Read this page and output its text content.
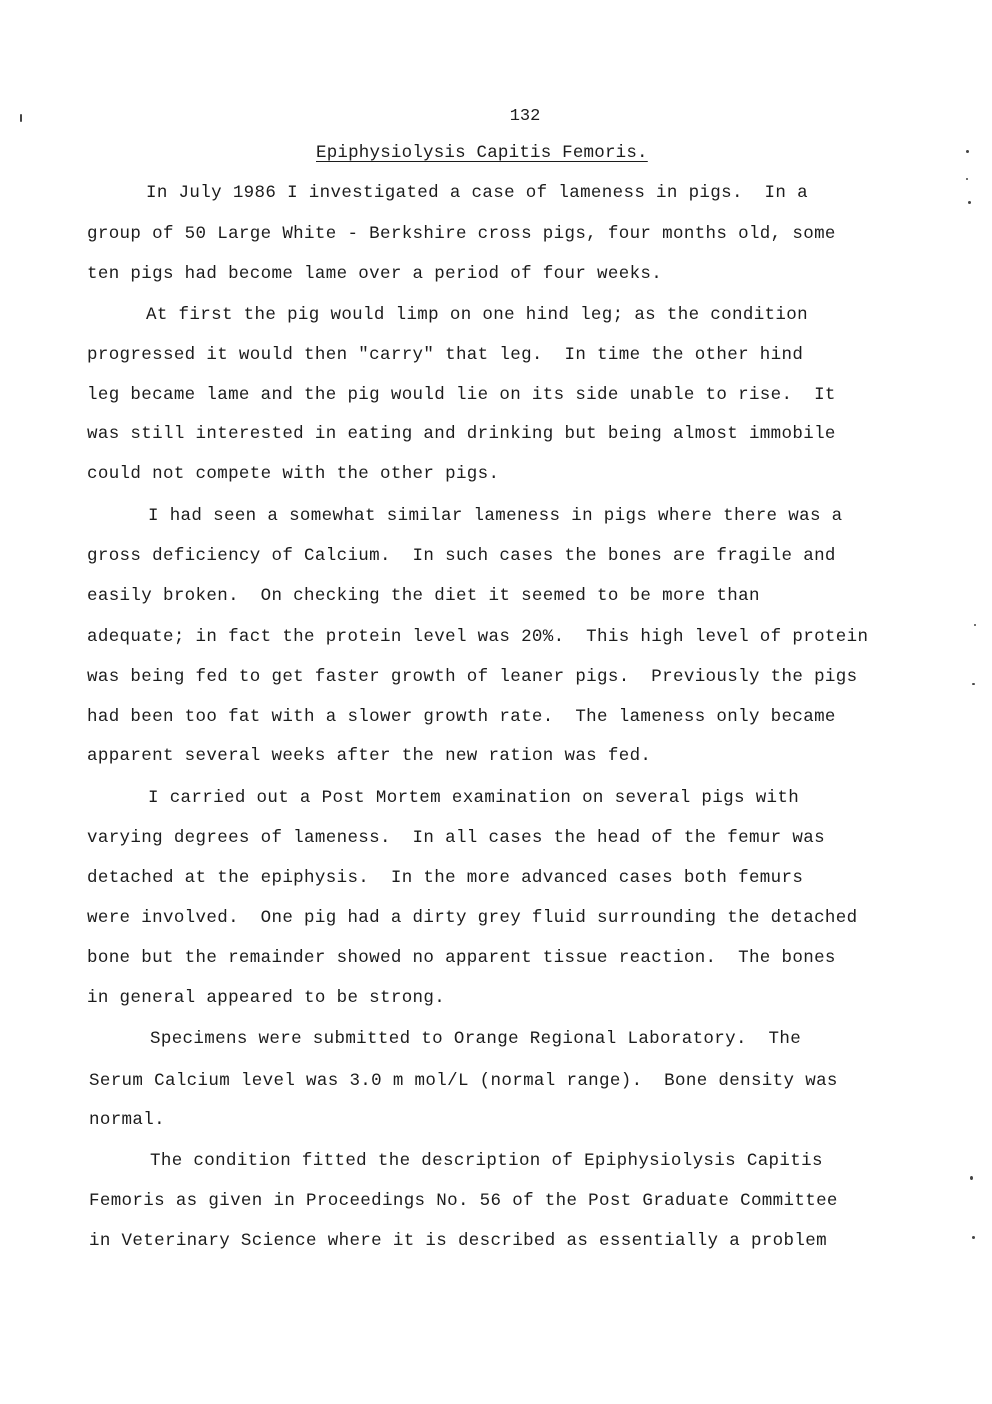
132
Epiphysiolysis Capitis Femoris.
In July 1986 I investigated a case of lameness in pigs.  In a
group of 50 Large White - Berkshire cross pigs, four months old, some
ten pigs had become lame over a period of four weeks.
At first the pig would limp on one hind leg; as the condition
progressed it would then "carry" that leg.  In time the other hind
leg became lame and the pig would lie on its side unable to rise.  It
was still interested in eating and drinking but being almost immobile
could not compete with the other pigs.
I had seen a somewhat similar lameness in pigs where there was a
gross deficiency of Calcium.  In such cases the bones are fragile and
easily broken.  On checking the diet it seemed to be more than
adequate; in fact the protein level was 20%.  This high level of protein
was being fed to get faster growth of leaner pigs.  Previously the pigs
had been too fat with a slower growth rate.  The lameness only became
apparent several weeks after the new ration was fed.
I carried out a Post Mortem examination on several pigs with
varying degrees of lameness.  In all cases the head of the femur was
detached at the epiphysis.  In the more advanced cases both femurs
were involved.  One pig had a dirty grey fluid surrounding the detached
bone but the remainder showed no apparent tissue reaction.  The bones
in general appeared to be strong.
Specimens were submitted to Orange Regional Laboratory.  The
Serum Calcium level was 3.0 m mol/L (normal range).  Bone density was
normal.
The condition fitted the description of Epiphysiolysis Capitis
Femoris as given in Proceedings No. 56 of the Post Graduate Committee
in Veterinary Science where it is described as essentially a problem
